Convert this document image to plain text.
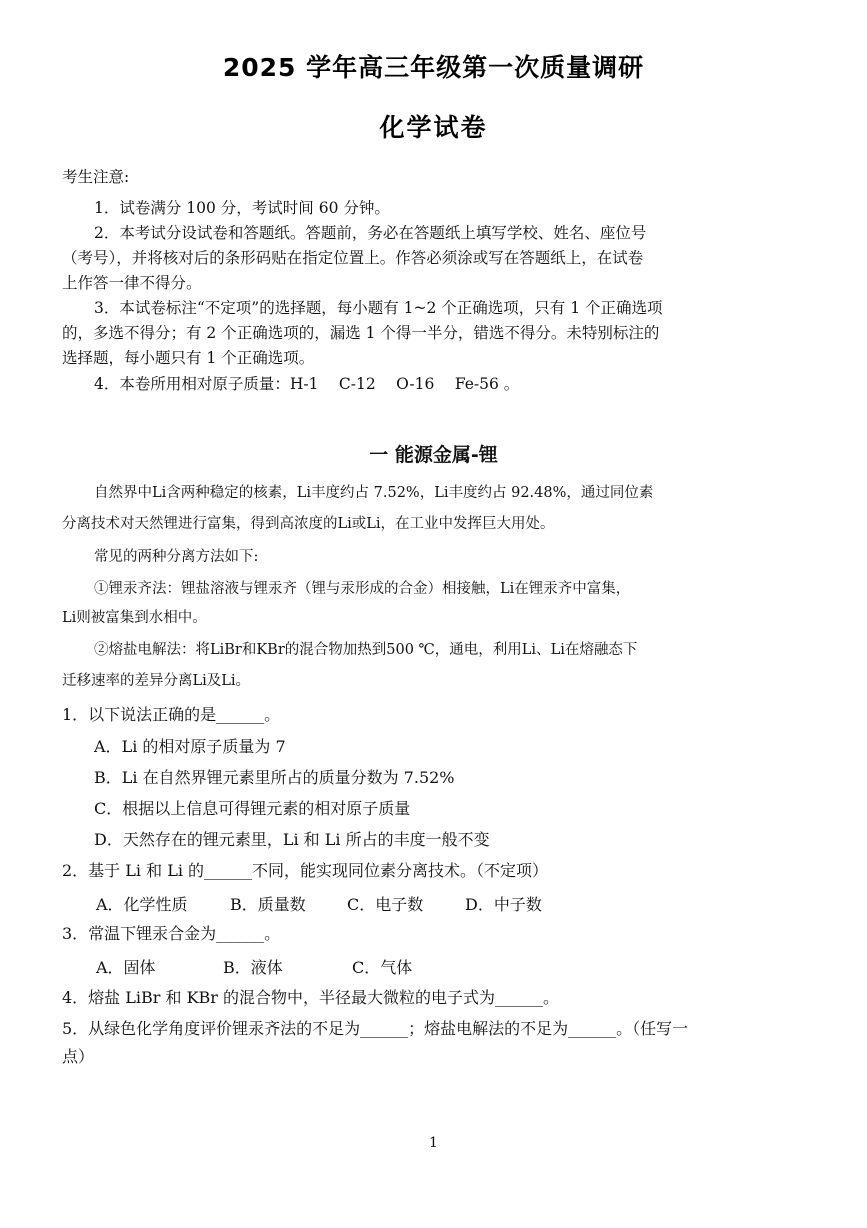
2025 学年高三年级第一次质量调研
化学试卷
考生注意:
1．试卷满分 100 分，考试时间 60 分钟。
2．本考试分设试卷和答题纸。答题前，务必在答题纸上填写学校、姓名、座位号
（考号），并将核对后的条形码贴在指定位置上。作答必须涂或写在答题纸上，在试卷
上作答一律不得分。
3．本试卷标注“不定项”的选择题，每小题有 1~2 个正确选项，只有 1 个正确选项
的，多选不得分；有 2 个正确选项的，漏选 1 个得一半分，错选不得分。未特别标注的
选择题，每小题只有 1 个正确选项。
4．本卷所用相对原子质量：H-1　 C-12　 O-16　 Fe-56 。
一 能源金属-锂
自然界中Li含两种稳定的核素，Li丰度约占 7.52%，Li丰度约占 92.48%，通过同位素
分离技术对天然锂进行富集，得到高浓度的Li或Li，在工业中发挥巨大用处。
常见的两种分离方法如下:
①锂汞齐法：锂盐溶液与锂汞齐（锂与汞形成的合金）相接触，Li在锂汞齐中富集，
Li则被富集到水相中。
②熔盐电解法：将LiBr和KBr的混合物加热到500 ℃，通电，利用Li、Li在熔融态下
迁移速率的差异分离Li及Li。
1．以下说法正确的是______。
A．Li 的相对原子质量为 7
B．Li 在自然界锂元素里所占的质量分数为 7.52%
C．根据以上信息可得锂元素的相对原子质量
D．天然存在的锂元素里，Li 和 Li 所占的丰度一般不变
2．基于 Li 和 Li 的______不同，能实现同位素分离技术。（不定项）
A．化学性质	B．质量数	C．电子数	D．中子数
3．常温下锂汞合金为______。
A．固体	B．液体	C．气体
4．熔盐 LiBr 和 KBr 的混合物中，半径最大微粒的电子式为______。
5．从绿色化学角度评价锂汞齐法的不足为______；熔盐电解法的不足为______。（任写一
点）
1
